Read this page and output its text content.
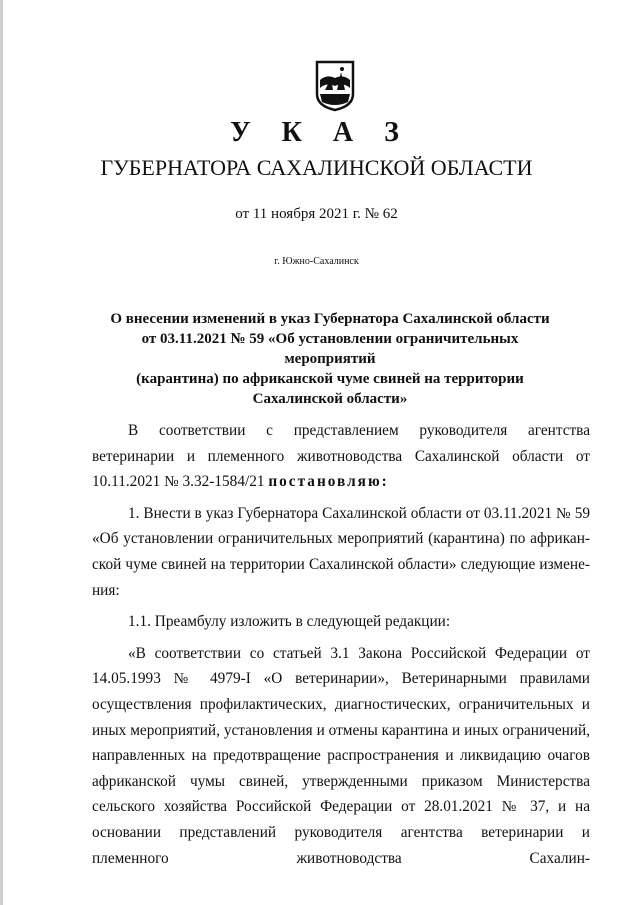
У К А З
ГУБЕРНАТОРА САХАЛИНСКОЙ ОБЛАСТИ
от 11 ноября 2021 г. № 62
г. Южно-Сахалинск
О внесении изменений в указ Губернатора Сахалинской области
от 03.11.2021 № 59 «Об установлении ограничительных мероприятий
(карантина) по африканской чуме свиней на территории
Сахалинской области»

В соответствии с представлением руководителя агентства ветеринарии и племенного животноводства Сахалинской области от 10.11.2021 № 3.32-1584/21 постановляю:

1. Внести в указ Губернатора Сахалинской области от 03.11.2021 № 59 «Об установлении ограничительных мероприятий (карантина) по африканской чуме свиней на территории Сахалинской области» следующие изменения:

1.1. Преамбулу изложить в следующей редакции:

«В соответствии со статьей 3.1 Закона Российской Федерации от 14.05.1993 № 4979-I «О ветеринарии», Ветеринарными правилами осуществления профилактических, диагностических, ограничительных и иных мероприятий, установления и отмены карантина и иных ограничений, направленных на предотвращение распространения и ликвидацию очагов африканской чумы свиней, утвержденными приказом Министерства сельского хозяйства Российской Федерации от 28.01.2021 № 37, и на основании представлений руководителя агентства ветеринарии и племенного животноводства Сахалин-
